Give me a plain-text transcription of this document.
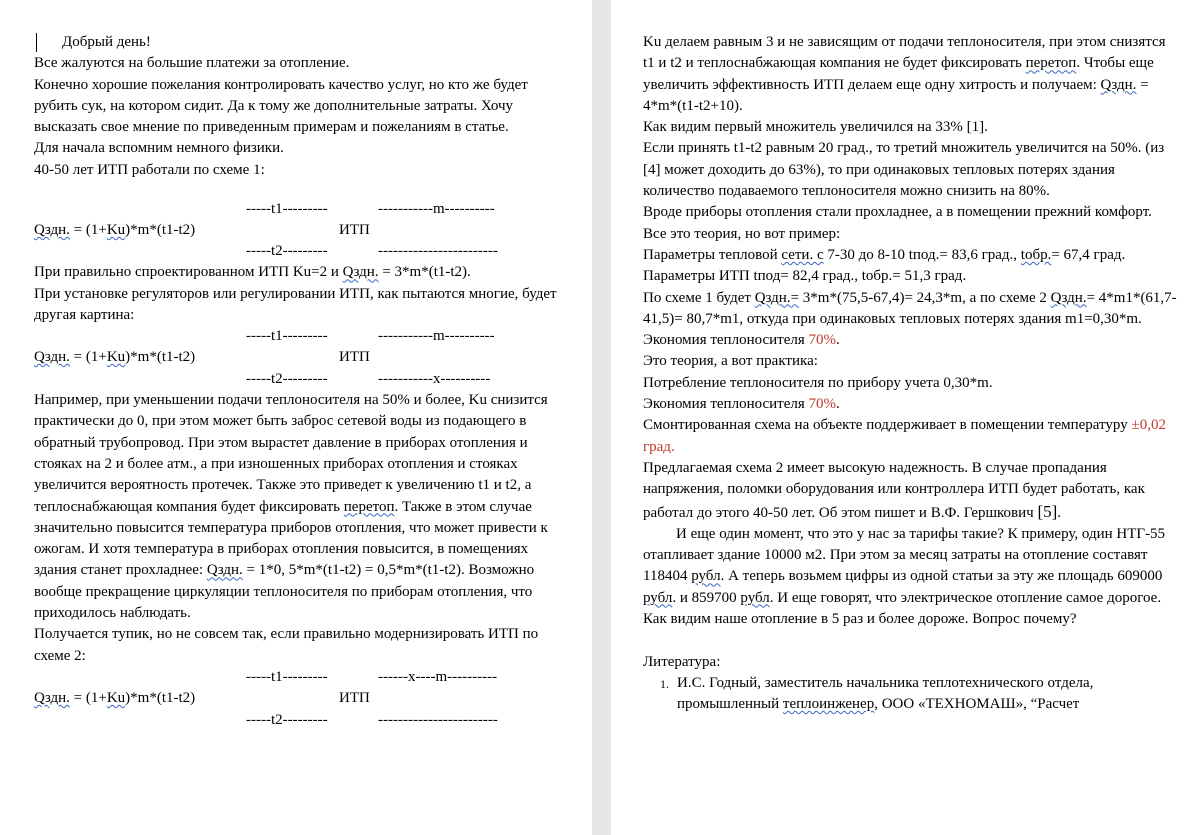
Добрый день!

Все жалуются на большие платежи за отопление.

Конечно хорошие пожелания контролировать качество услуг, но кто же будет рубить сук, на котором сидит. Да к тому же дополнительные затраты. Хочу высказать свое мнение по приведенным примерам и пожеланиям в статье.

Для начала вспомним немного физики.

40-50 лет ИТП работали по схеме 1:

-----t1---------	-----------m----------
Qздн. = (1+Ku)*m*(t1-t2)	ИТП
-----t2---------	------------------------

При правильно спроектированном ИТП Ku=2 и Qздн. = 3*m*(t1-t2).

При установке регуляторов или регулировании ИТП, как пытаются многие, будет другая картина:

-----t1---------	-----------m----------
Qздн. = (1+Ku)*m*(t1-t2)	ИТП
-----t2---------	-----------x----------

Например, при уменьшении подачи теплоносителя на 50% и более, Ku снизится практически до 0, при этом может быть заброс сетевой воды из подающего в обратный трубопровод. При этом вырастет давление в приборах отопления и стояках на 2 и более атм., а при изношенных приборах отопления и стояках увеличится вероятность протечек. Также это приведет к увеличению t1 и t2, а теплоснабжающая компания будет фиксировать перетоп. Также в этом случае значительно повысится температура приборов отопления, что может привести к ожогам. И хотя температура в приборах отопления повысится, в помещениях здания станет прохладнее: Qздн. = 1*0, 5*m*(t1-t2) = 0,5*m*(t1-t2). Возможно вообще прекращение циркуляции теплоносителя по приборам отопления, что приходилось наблюдать.

Получается тупик, но не совсем так, если правильно модернизировать ИТП по схеме 2:

-----t1---------	------x----m----------
Qздн. = (1+Ku)*m*(t1-t2)	ИТП
-----t2---------	------------------------

Ku делаем равным 3 и не зависящим от подачи теплоносителя, при этом снизятся t1 и t2 и теплоснабжающая компания не будет фиксировать перетоп. Чтобы еще увеличить эффективность ИТП делаем еще одну хитрость и получаем: Qздн. = 4*m*(t1-t2+10).

Как видим первый множитель увеличился на 33% [1].

Если принять t1-t2 равным 20 град., то третий множитель увеличится на 50%. (из [4] может доходить до 63%), то при одинаковых тепловых потерях здания количество подаваемого теплоносителя можно снизить на 80%.

Вроде приборы отопления стали прохладнее, а в помещении прежний комфорт.

Все это теория, но вот пример:

Параметры тепловой сети. с 7-30 до 8-10 tпод.= 83,6 град., tобр.= 67,4 град.

Параметры ИТП tпод= 82,4 град., tобр.= 51,3 град.

По схеме 1 будет Qздн.= 3*m*(75,5-67,4)= 24,3*m, а по схеме 2 Qздн.= 4*m1*(61,7-41,5)= 80,7*m1, откуда при одинаковых тепловых потерях здания m1=0,30*m.

Экономия теплоносителя 70%.

Это теория, а вот практика:

Потребление теплоносителя по прибору учета 0,30*m.

Экономия теплоносителя 70%.

Смонтированная схема на объекте поддерживает в помещении температуру ±0,02 град.

Предлагаемая схема 2 имеет высокую надежность. В случае пропадания напряжения, поломки оборудования или контроллера ИТП будет работать, как работал до этого 40-50 лет. Об этом пишет и В.Ф. Гершкович [5].

И еще один момент, что это у нас за тарифы такие? К примеру, один НТГ-55 отапливает здание 10000 м2. При этом за месяц затраты на отопление составят 118404 рубл. А теперь возьмем цифры из одной статьи за эту же площадь 609000 рубл. и 859700 рубл. И еще говорят, что электрическое отопление самое дорогое. Как видим наше отопление в 5 раз и более дороже. Вопрос почему?

Литература:

1. И.С. Годный, заместитель начальника теплотехнического отдела, промышленный теплоинженер, ООО «ТЕХНОМАШ», “Расчет
